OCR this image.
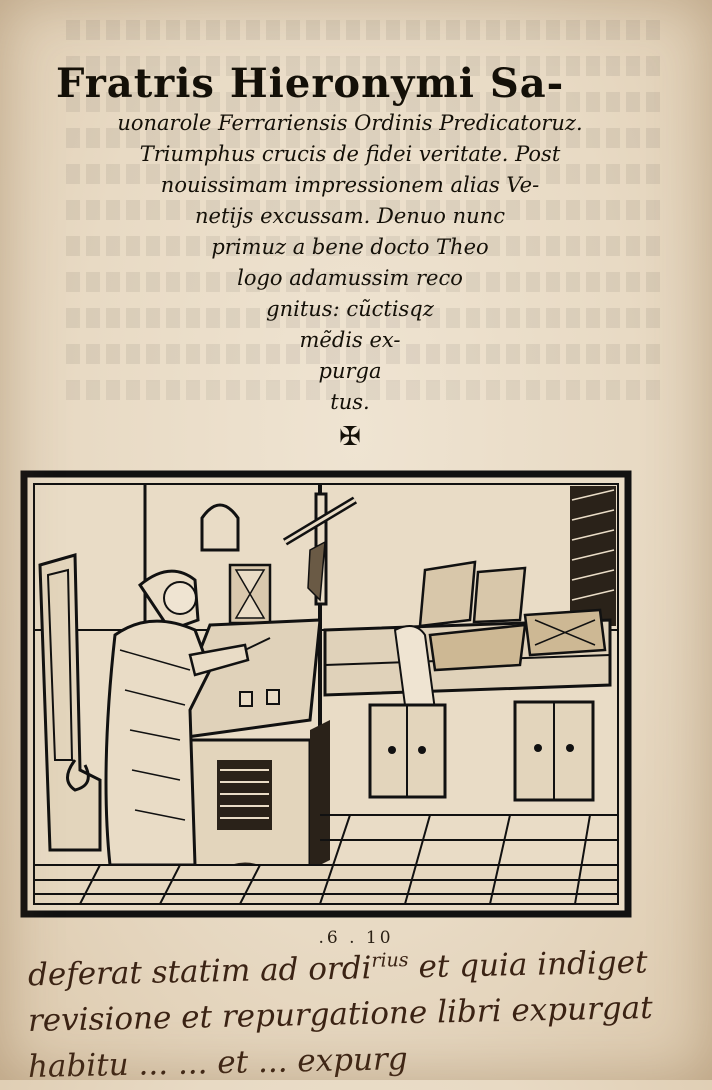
Fratris Hieronymi Sa-
uonarole Ferrariensis Ordinis Predicatoruz.
Triumphus crucis de fidei veritate. Post
nouissimam impressionem alias Ve-
netijs excussam. Denuo nunc
primuz a bene docto Theo
logo adamussim reco
gnitus: cũctisqz
mẽdis ex-
purga
tus.
✠
.6 . 10
deferat statim ad ordi$^{rius}$ et quia indiget
revisione et repurgatione libri expurgat
habitu ... ... et ... expurg
